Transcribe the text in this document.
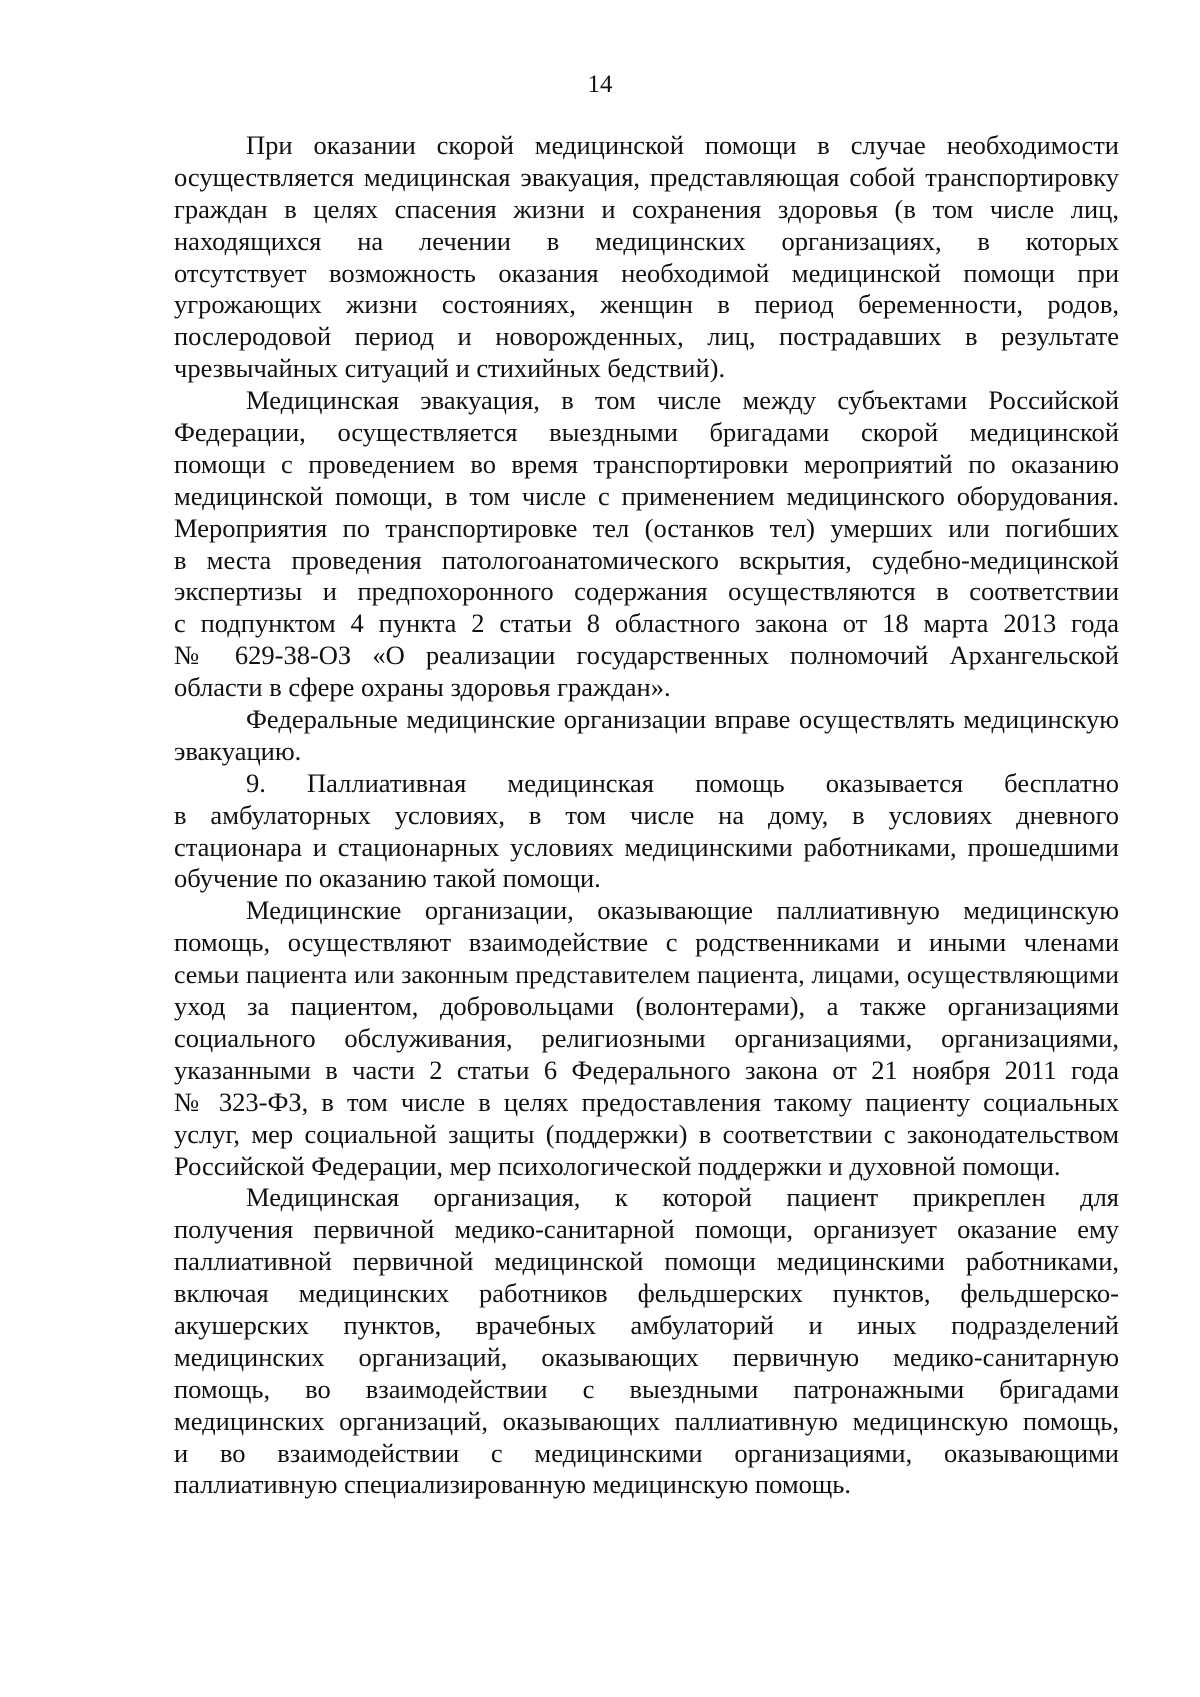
14
При оказании скорой медицинской помощи в случае необходимости
осуществляется медицинская эвакуация, представляющая собой транспортировку
граждан в целях спасения жизни и сохранения здоровья (в том числе лиц,
находящихся на лечении в медицинских организациях, в которых
отсутствует возможность оказания необходимой медицинской помощи при
угрожающих жизни состояниях, женщин в период беременности, родов,
послеродовой период и новорожденных, лиц, пострадавших в результате
чрезвычайных ситуаций и стихийных бедствий).
Медицинская эвакуация, в том числе между субъектами Российской
Федерации, осуществляется выездными бригадами скорой медицинской
помощи с проведением во время транспортировки мероприятий по оказанию
медицинской помощи, в том числе с применением медицинского оборудования.
Мероприятия по транспортировке тел (останков тел) умерших или погибших
в места проведения патологоанатомического вскрытия, судебно-медицинской
экспертизы и предпохоронного содержания осуществляются в соответствии
с подпунктом 4 пункта 2 статьи 8 областного закона от 18 марта 2013 года
№ 629-38-ОЗ «О реализации государственных полномочий Архангельской
области в сфере охраны здоровья граждан».
Федеральные медицинские организации вправе осуществлять медицинскую
эвакуацию.
9. Паллиативная медицинская помощь оказывается бесплатно
в амбулаторных условиях, в том числе на дому, в условиях дневного
стационара и стационарных условиях медицинскими работниками, прошедшими
обучение по оказанию такой помощи.
Медицинские организации, оказывающие паллиативную медицинскую
помощь, осуществляют взаимодействие с родственниками и иными членами
семьи пациента или законным представителем пациента, лицами, осуществляющими
уход за пациентом, добровольцами (волонтерами), а также организациями
социального обслуживания, религиозными организациями, организациями,
указанными в части 2 статьи 6 Федерального закона от 21 ноября 2011 года
№ 323-ФЗ, в том числе в целях предоставления такому пациенту социальных
услуг, мер социальной защиты (поддержки) в соответствии с законодательством
Российской Федерации, мер психологической поддержки и духовной помощи.
Медицинская организация, к которой пациент прикреплен для
получения первичной медико-санитарной помощи, организует оказание ему
паллиативной первичной медицинской помощи медицинскими работниками,
включая медицинских работников фельдшерских пунктов, фельдшерско-
акушерских пунктов, врачебных амбулаторий и иных подразделений
медицинских организаций, оказывающих первичную медико-санитарную
помощь, во взаимодействии с выездными патронажными бригадами
медицинских организаций, оказывающих паллиативную медицинскую помощь,
и во взаимодействии с медицинскими организациями, оказывающими
паллиативную специализированную медицинскую помощь.
